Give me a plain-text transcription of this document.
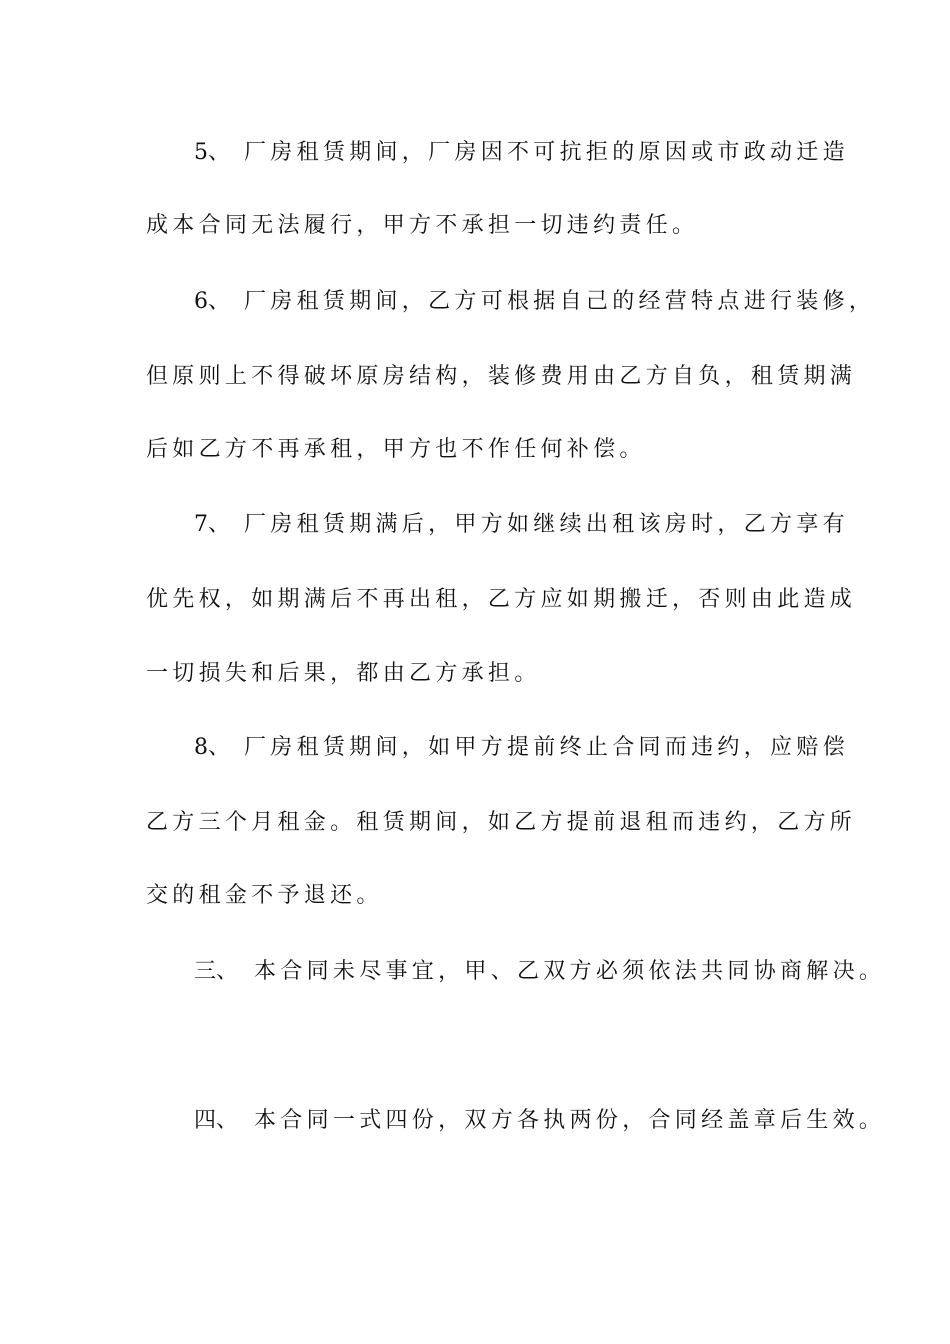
5、 厂房租赁期间，厂房因不可抗拒的原因或市政动迁造
成本合同无法履行，甲方不承担一切违约责任。
6、 厂房租赁期间，乙方可根据自己的经营特点进行装修，
但原则上不得破坏原房结构，装修费用由乙方自负，租赁期满
后如乙方不再承租，甲方也不作任何补偿。
7、 厂房租赁期满后，甲方如继续出租该房时，乙方享有
优先权，如期满后不再出租，乙方应如期搬迁，否则由此造成
一切损失和后果，都由乙方承担。
8、 厂房租赁期间，如甲方提前终止合同而违约，应赔偿
乙方三个月租金。租赁期间，如乙方提前退租而违约，乙方所
交的租金不予退还。
三、 本合同未尽事宜，甲、乙双方必须依法共同协商解决。
四、 本合同一式四份，双方各执两份，合同经盖章后生效。
